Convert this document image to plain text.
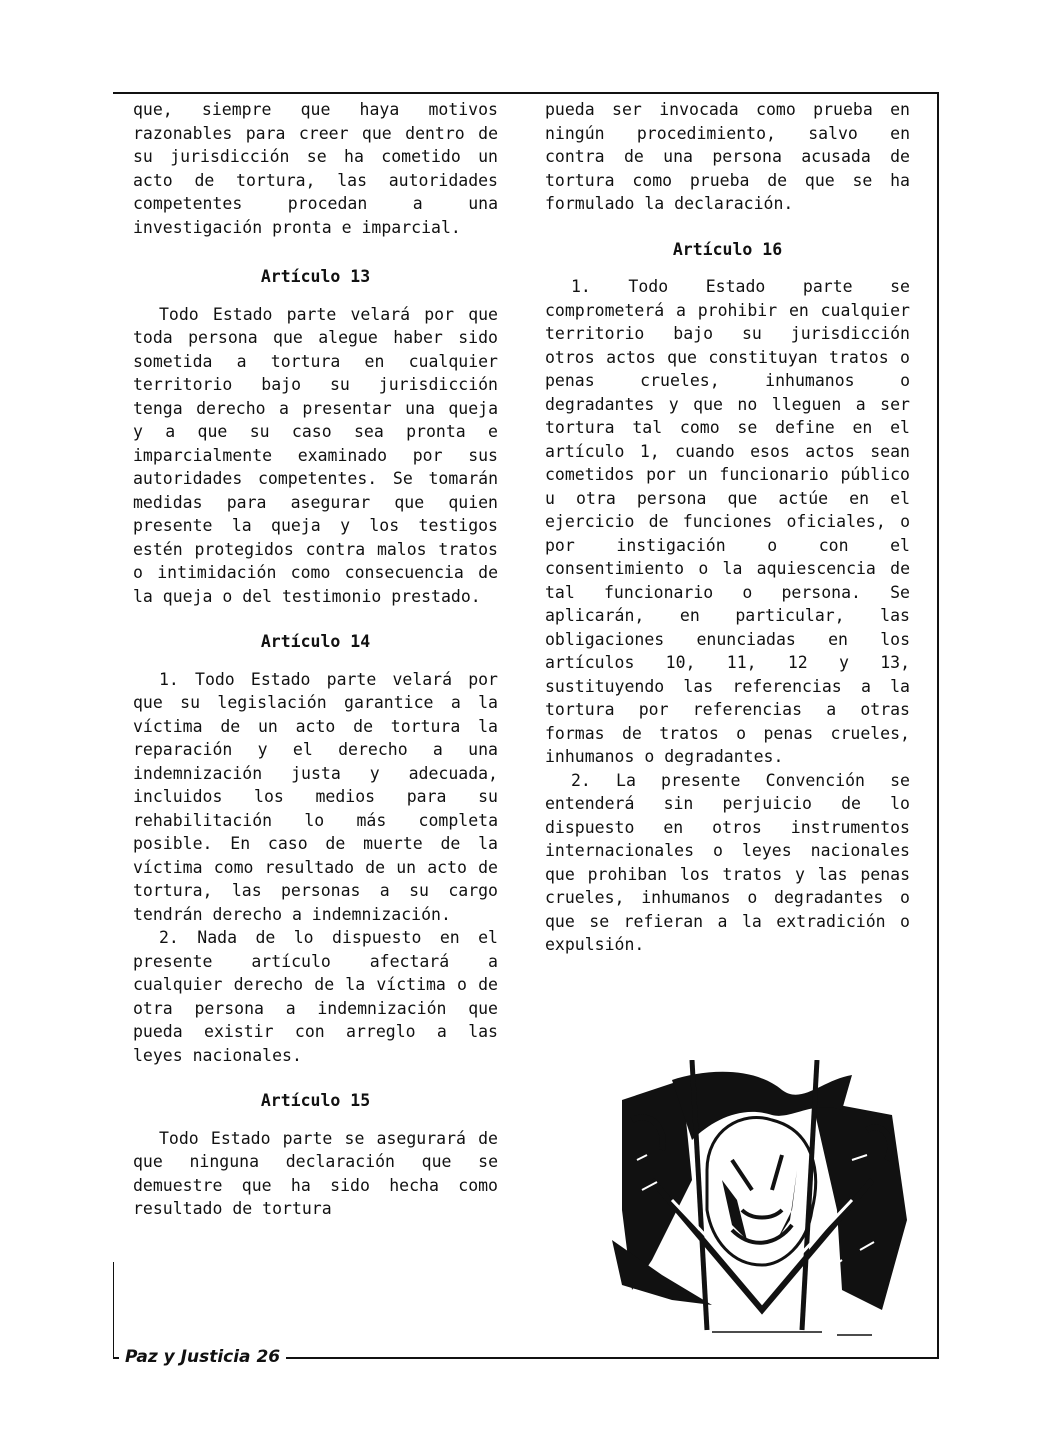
que, siempre que haya motivos razonables para creer que dentro de su jurisdicción se ha cometido un acto de tortura, las autoridades competentes procedan a una investigación pronta e imparcial.

Artículo 13

Todo Estado parte velará por que toda persona que alegue haber sido sometida a tortura en cualquier territorio bajo su jurisdicción tenga derecho a presentar una queja y a que su caso sea pronta e imparcialmente examinado por sus autoridades competentes. Se tomarán medidas para asegurar que quien presente la queja y los testigos estén protegidos contra malos tratos o intimidación como consecuencia de la queja o del testimonio prestado.

Artículo 14

1. Todo Estado parte velará por que su legislación garantice a la víctima de un acto de tortura la reparación y el derecho a una indemnización justa y adecuada, incluidos los medios para su rehabilitación lo más completa posible. En caso de muerte de la víctima como resultado de un acto de tortura, las personas a su cargo tendrán derecho a indemnización.

2. Nada de lo dispuesto en el presente artículo afectará a cualquier derecho de la víctima o de otra persona a indemnización que pueda existir con arreglo a las leyes nacionales.

Artículo 15

Todo Estado parte se asegurará de que ninguna declaración que se demuestre que ha sido hecha como resultado de tortura

pueda ser invocada como prueba en ningún procedimiento, salvo en contra de una persona acusada de tortura como prueba de que se ha formulado la declaración.

Artículo 16

1. Todo Estado parte se comprometerá a prohibir en cualquier territorio bajo su jurisdicción otros actos que constituyan tratos o penas crueles, inhumanos o degradantes y que no lleguen a ser tortura tal como se define en el artículo 1, cuando esos actos sean cometidos por un funcionario público u otra persona que actúe en el ejercicio de funciones oficiales, o por instigación o con el consentimiento o la aquiescencia de tal funcionario o persona. Se aplicarán, en particular, las obligaciones enunciadas en los artículos 10, 11, 12 y 13, sustituyendo las referencias a la tortura por referencias a otras formas de tratos o penas crueles, inhumanos o degradantes.

2. La presente Convención se entenderá sin perjuicio de lo dispuesto en otros instrumentos internacionales o leyes nacionales que prohiban los tratos y las penas crueles, inhumanos o degradantes o que se refieran a la extradición o expulsión.

Paz y Justicia 26
